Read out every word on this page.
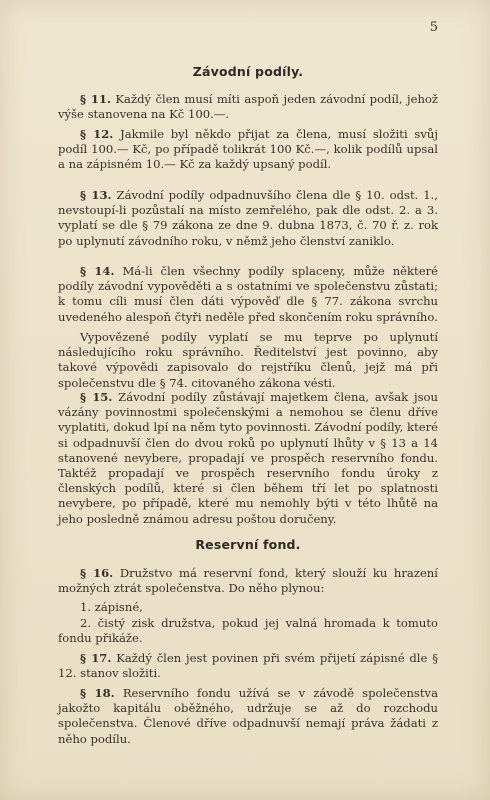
5
Závodní podíly.

§ 11. Každý člen musí míti aspoň jeden závodní podíl, jehož výše stanovena na Kč 100.—.

§ 12. Jakmile byl někdo přijat za člena, musí složiti svůj podíl 100.— Kč, po případě tolikrát 100 Kč.—, kolik podílů upsal a na zápisném 10.— Kč za každý upsaný podíl.

§ 13. Závodní podíly odpadnuvšího člena dle § 10. odst. 1., nevstoupí-li pozůstalí na místo zemřelého, pak dle odst. 2. a 3. vyplatí se dle § 79 zákona ze dne 9. dubna 1873, č. 70 ř. z. rok po uplynutí závodního roku, v němž jeho členství zaniklo.

§ 14. Má-li člen všechny podíly splaceny, může některé podíly závodní vypověděti a s ostatními ve společenstvu zůstati; k tomu cíli musí člen dáti výpověď dle § 77. zákona svrchu uvedeného alespoň čtyři neděle před skončením roku správního.

Vypovězené podíly vyplatí se mu teprve po uplynutí následujícího roku správního. Ředitelství jest povinno, aby takové výpovědi zapisovalo do rejstříku členů, jejž má při společenstvu dle § 74. citovaného zákona vésti.

§ 15. Závodní podíly zůstávají majetkem člena, avšak jsou vázány povinnostmi společenskými a nemohou se členu dříve vyplatiti, dokud lpí na něm tyto povinnosti. Závodní podíly, které si odpadnuvší člen do dvou roků po uplynutí lhůty v § 13 a 14 stanovené nevybere, propadají ve prospěch reservního fondu. Taktéž propadají ve prospěch reservního fondu úroky z členských podílů, které si člen během tří let po splatnosti nevybere, po případě, které mu nemohly býti v této lhůtě na jeho posledně známou adresu poštou doručeny.

Reservní fond.

§ 16. Družstvo má reservní fond, který slouží ku hrazení možných ztrát společenstva. Do něho plynou:

1. zápisné,

2. čistý zisk družstva, pokud jej valná hromada k tomuto fondu přikáže.

§ 17. Každý člen jest povinen při svém přijetí zápisné dle § 12. stanov složiti.

§ 18. Reservního fondu užívá se v závodě společenstva jakožto kapitálu oběžného, udržuje se až do rozchodu společenstva. Členové dříve odpadnuvší nemají práva žádati z něho podílu.
